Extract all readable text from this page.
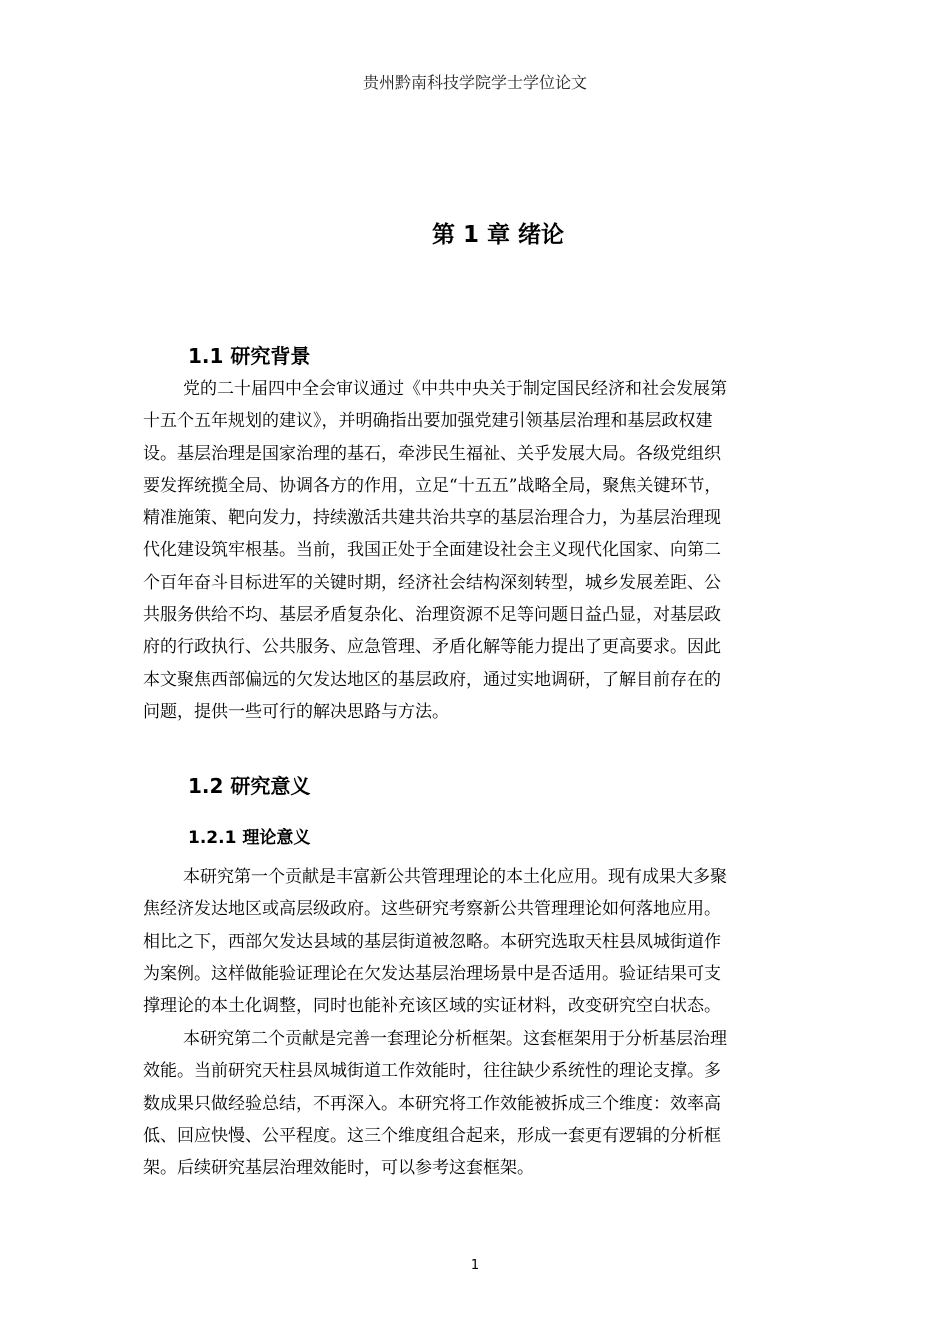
贵州黔南科技学院学士学位论文
第 1 章 绪论
1.1 研究背景
党的二十届四中全会审议通过《中共中央关于制定国民经济和社会发展第
十五个五年规划的建议》，并明确指出要加强党建引领基层治理和基层政权建
设。基层治理是国家治理的基石，牵涉民生福祉、关乎发展大局。各级党组织
要发挥统揽全局、协调各方的作用，立足“十五五”战略全局，聚焦关键环节，
精准施策、靶向发力，持续激活共建共治共享的基层治理合力，为基层治理现
代化建设筑牢根基。当前，我国正处于全面建设社会主义现代化国家、向第二
个百年奋斗目标进军的关键时期，经济社会结构深刻转型，城乡发展差距、公
共服务供给不均、基层矛盾复杂化、治理资源不足等问题日益凸显，对基层政
府的行政执行、公共服务、应急管理、矛盾化解等能力提出了更高要求。因此
本文聚焦西部偏远的欠发达地区的基层政府，通过实地调研，了解目前存在的
问题，提供一些可行的解决思路与方法。
1.2 研究意义
1.2.1 理论意义
本研究第一个贡献是丰富新公共管理理论的本土化应用。现有成果大多聚
焦经济发达地区或高层级政府。这些研究考察新公共管理理论如何落地应用。
相比之下，西部欠发达县域的基层街道被忽略。本研究选取天柱县凤城街道作
为案例。这样做能验证理论在欠发达基层治理场景中是否适用。验证结果可支
撑理论的本土化调整，同时也能补充该区域的实证材料，改变研究空白状态。
本研究第二个贡献是完善一套理论分析框架。这套框架用于分析基层治理
效能。当前研究天柱县凤城街道工作效能时，往往缺少系统性的理论支撑。多
数成果只做经验总结，不再深入。本研究将工作效能被拆成三个维度：效率高
低、回应快慢、公平程度。这三个维度组合起来，形成一套更有逻辑的分析框
架。后续研究基层治理效能时，可以参考这套框架。
1
